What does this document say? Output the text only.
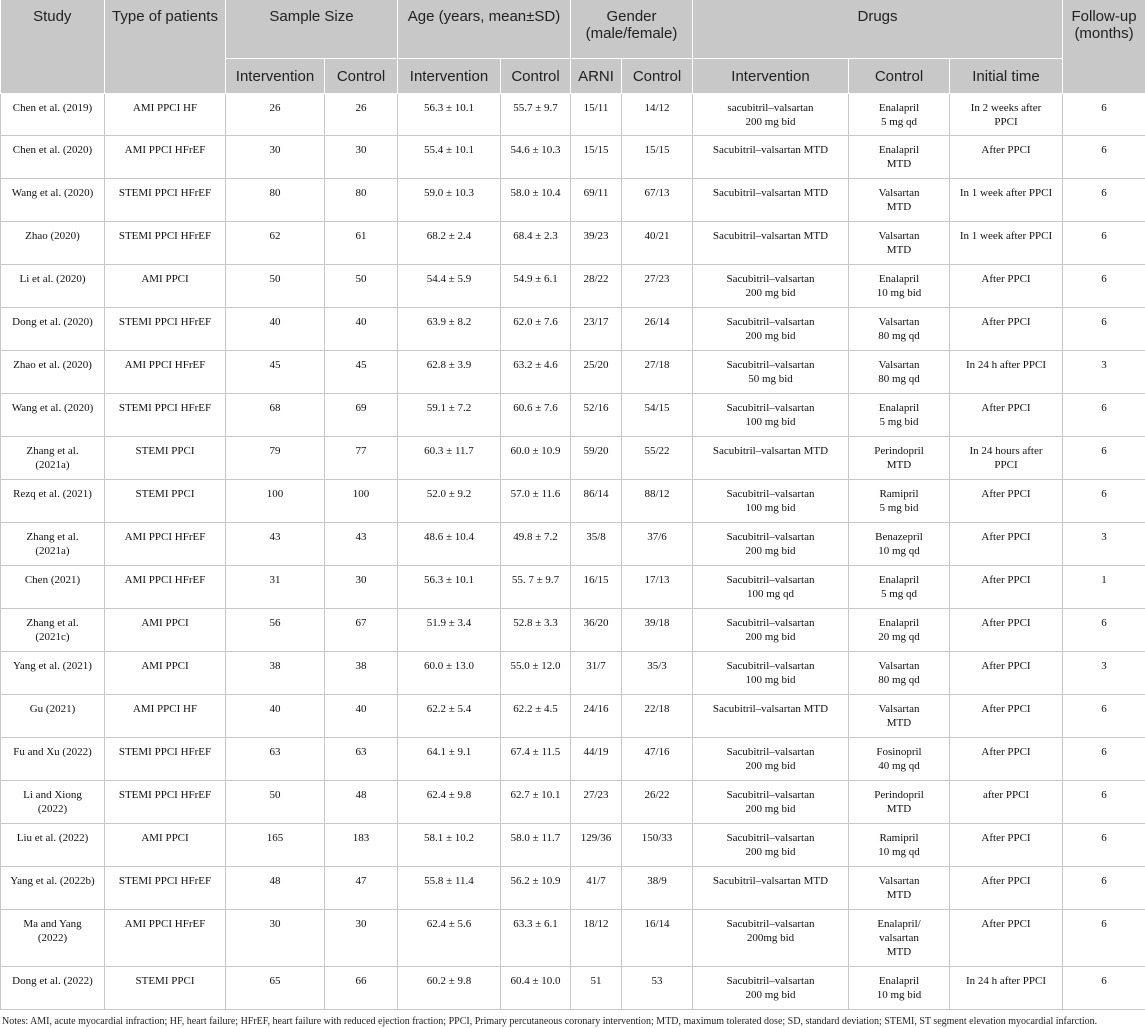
Study	Type of patients	Sample Size		Age (years, mean±SD)		Gender (male/female)		Drugs			Follow-up (months)
		Intervention	Control	Intervention	Control	ARNI	Control	Intervention	Control	Initial time	
Chen et al. (2019)	AMI PPCI HF	26	26	56.3 ± 10.1	55.7 ± 9.7	15/11	14/12	sacubitril–valsartan
200 mg bid	Enalapril
5 mg qd	In 2 weeks after
PPCI	6
Chen et al. (2020)	AMI PPCI HFrEF	30	30	55.4 ± 10.1	54.6 ± 10.3	15/15	15/15	Sacubitril–valsartan MTD	Enalapril
MTD	After PPCI	6
Wang et al. (2020)	STEMI PPCI HFrEF	80	80	59.0 ± 10.3	58.0 ± 10.4	69/11	67/13	Sacubitril–valsartan MTD	Valsartan
MTD	In 1 week after PPCI	6
Zhao (2020)	STEMI PPCI HFrEF	62	61	68.2 ± 2.4	68.4 ± 2.3	39/23	40/21	Sacubitril–valsartan MTD	Valsartan
MTD	In 1 week after PPCI	6
Li et al. (2020)	AMI PPCI	50	50	54.4 ± 5.9	54.9 ± 6.1	28/22	27/23	Sacubitril–valsartan
200 mg bid	Enalapril
10 mg bid	After PPCI	6
Dong et al. (2020)	STEMI PPCI HFrEF	40	40	63.9 ± 8.2	62.0 ± 7.6	23/17	26/14	Sacubitril–valsartan
200 mg bid	Valsartan
80 mg qd	After PPCI	6
Zhao et al. (2020)	AMI PPCI HFrEF	45	45	62.8 ± 3.9	63.2 ± 4.6	25/20	27/18	Sacubitril–valsartan
50 mg bid	Valsartan
80 mg qd	In 24 h after PPCI	3
Wang et al. (2020)	STEMI PPCI HFrEF	68	69	59.1 ± 7.2	60.6 ± 7.6	52/16	54/15	Sacubitril–valsartan
100 mg bid	Enalapril
5 mg bid	After PPCI	6
Zhang et al.
(2021a)	STEMI PPCI	79	77	60.3 ± 11.7	60.0 ± 10.9	59/20	55/22	Sacubitril–valsartan MTD	Perindopril
MTD	In 24 hours after
PPCI	6
Rezq et al. (2021)	STEMI PPCI	100	100	52.0 ± 9.2	57.0 ± 11.6	86/14	88/12	Sacubitril–valsartan
100 mg bid	Ramipril
5 mg bid	After PPCI	6
Zhang et al.
(2021a)	AMI PPCI HFrEF	43	43	48.6 ± 10.4	49.8 ± 7.2	35/8	37/6	Sacubitril–valsartan
200 mg bid	Benazepril
10 mg qd	After PPCI	3
Chen (2021)	AMI PPCI HFrEF	31	30	56.3 ± 10.1	55. 7 ± 9.7	16/15	17/13	Sacubitril–valsartan
100 mg qd	Enalapril
5 mg qd	After PPCI	1
Zhang et al.
(2021c)	AMI PPCI	56	67	51.9 ± 3.4	52.8 ± 3.3	36/20	39/18	Sacubitril–valsartan
200 mg bid	Enalapril
20 mg qd	After PPCI	6
Yang et al. (2021)	AMI PPCI	38	38	60.0 ± 13.0	55.0 ± 12.0	31/7	35/3	Sacubitril–valsartan
100 mg bid	Valsartan
80 mg qd	After PPCI	3
Gu (2021)	AMI PPCI HF	40	40	62.2 ± 5.4	62.2 ± 4.5	24/16	22/18	Sacubitril–valsartan MTD	Valsartan
MTD	After PPCI	6
Fu and Xu (2022)	STEMI PPCI HFrEF	63	63	64.1 ± 9.1	67.4 ± 11.5	44/19	47/16	Sacubitril–valsartan
200 mg bid	Fosinopril
40 mg qd	After PPCI	6
Li and Xiong
(2022)	STEMI PPCI HFrEF	50	48	62.4 ± 9.8	62.7 ± 10.1	27/23	26/22	Sacubitril–valsartan
200 mg bid	Perindopril
MTD	after PPCI	6
Liu et al. (2022)	AMI PPCI	165	183	58.1 ± 10.2	58.0 ± 11.7	129/36	150/33	Sacubitril–valsartan
200 mg bid	Ramipril
10 mg qd	After PPCI	6
Yang et al. (2022b)	STEMI PPCI HFrEF	48	47	55.8 ± 11.4	56.2 ± 10.9	41/7	38/9	Sacubitril–valsartan MTD	Valsartan
MTD	After PPCI	6
Ma and Yang
(2022)	AMI PPCI HFrEF	30	30	62.4 ± 5.6	63.3 ± 6.1	18/12	16/14	Sacubitril–valsartan
200mg bid	Enalapril/
valsartan
MTD	After PPCI	6
Dong et al. (2022)	STEMI PPCI	65	66	60.2 ± 9.8	60.4 ± 10.0	51	53	Sacubitril–valsartan
200 mg bid	Enalapril
10 mg bid	In 24 h after PPCI	6

Notes: AMI, acute myocardial infraction; HF, heart failure; HFrEF, heart failure with reduced ejection fraction; PPCI, Primary percutaneous coronary intervention; MTD, maximum tolerated dose; SD, standard deviation; STEMI, ST segment elevation myocardial infarction.
